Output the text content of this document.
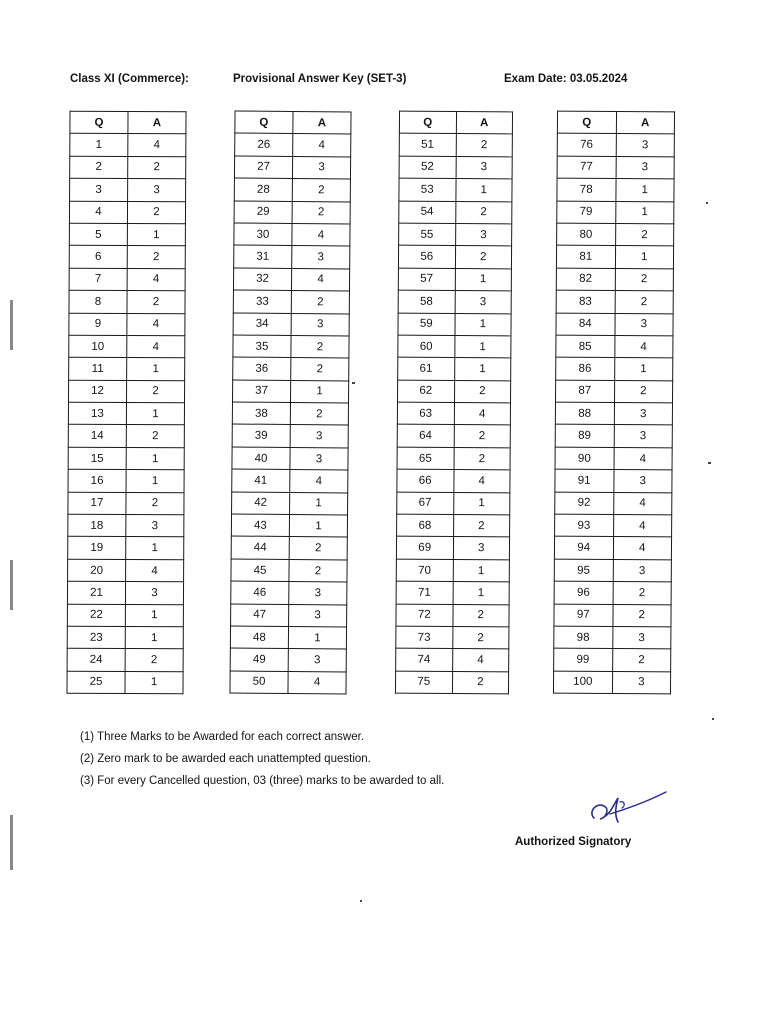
Class XI (Commerce):	Provisional Answer Key (SET-3)	Exam Date: 03.05.2024
Q	A
1	4
2	2
3	3
4	2
5	1
6	2
7	4
8	2
9	4
10	4
11	1
12	2
13	1
14	2
15	1
16	1
17	2
18	3
19	1
20	4
21	3
22	1
23	1
24	2
25	1
Q	A
26	4
27	3
28	2
29	2
30	4
31	3
32	4
33	2
34	3
35	2
36	2
37	1
38	2
39	3
40	3
41	4
42	1
43	1
44	2
45	2
46	3
47	3
48	1
49	3
50	4
Q	A
51	2
52	3
53	1
54	2
55	3
56	2
57	1
58	3
59	1
60	1
61	1
62	2
63	4
64	2
65	2
66	4
67	1
68	2
69	3
70	1
71	1
72	2
73	2
74	4
75	2
Q	A
76	3
77	3
78	1
79	1
80	2
81	1
82	2
83	2
84	3
85	4
86	1
87	2
88	3
89	3
90	4
91	3
92	4
93	4
94	4
95	3
96	2
97	2
98	3
99	2
100	3
(1) Three Marks to be Awarded for each correct answer.
(2) Zero mark to be awarded each unattempted question.
(3) For every Cancelled question, 03 (three) marks to be awarded to all.
Authorized Signatory
